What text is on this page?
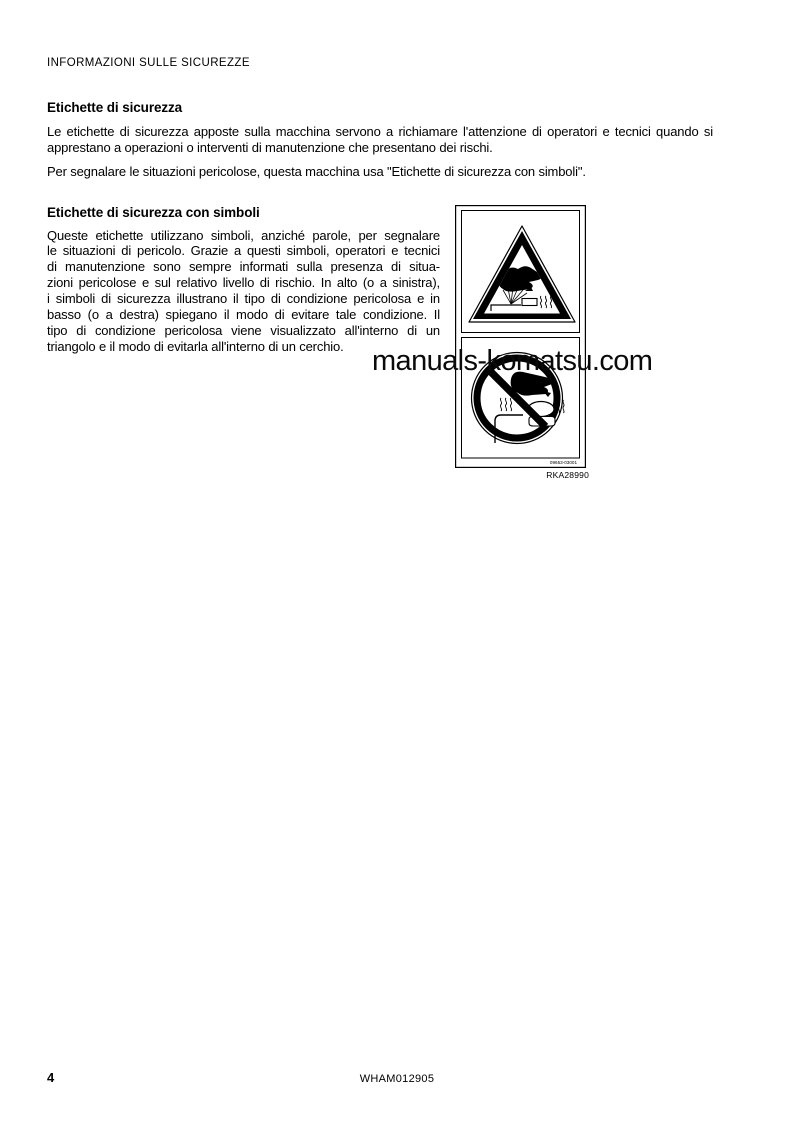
INFORMAZIONI SULLE SICUREZZE
Etichette di sicurezza
Le etichette di sicurezza apposte sulla macchina servono a richiamare l'attenzione di operatori e tecnici quando si
apprestano a operazioni o interventi di manutenzione che presentano dei rischi.
Per segnalare le situazioni pericolose, questa macchina usa "Etichette di sicurezza con simboli".
Etichette di sicurezza con simboli
Queste etichette utilizzano simboli, anziché parole, per segnalare
le situazioni di pericolo. Grazie a questi simboli, operatori e tecnici
di manutenzione sono sempre informati sulla presenza di situa-
zioni pericolose e sul relativo livello di rischio. In alto (o a sinistra),
i simboli di sicurezza illustrano il tipo di condizione pericolosa e in
basso (o a destra) spiegano il modo di evitare tale condizione. Il
tipo di condizione pericolosa viene visualizzato all'interno di un
triangolo e il modo di evitarla all'interno di un cerchio.
09653-03001
RKA28990
manuals-komatsu.com
4	WHAM012905
